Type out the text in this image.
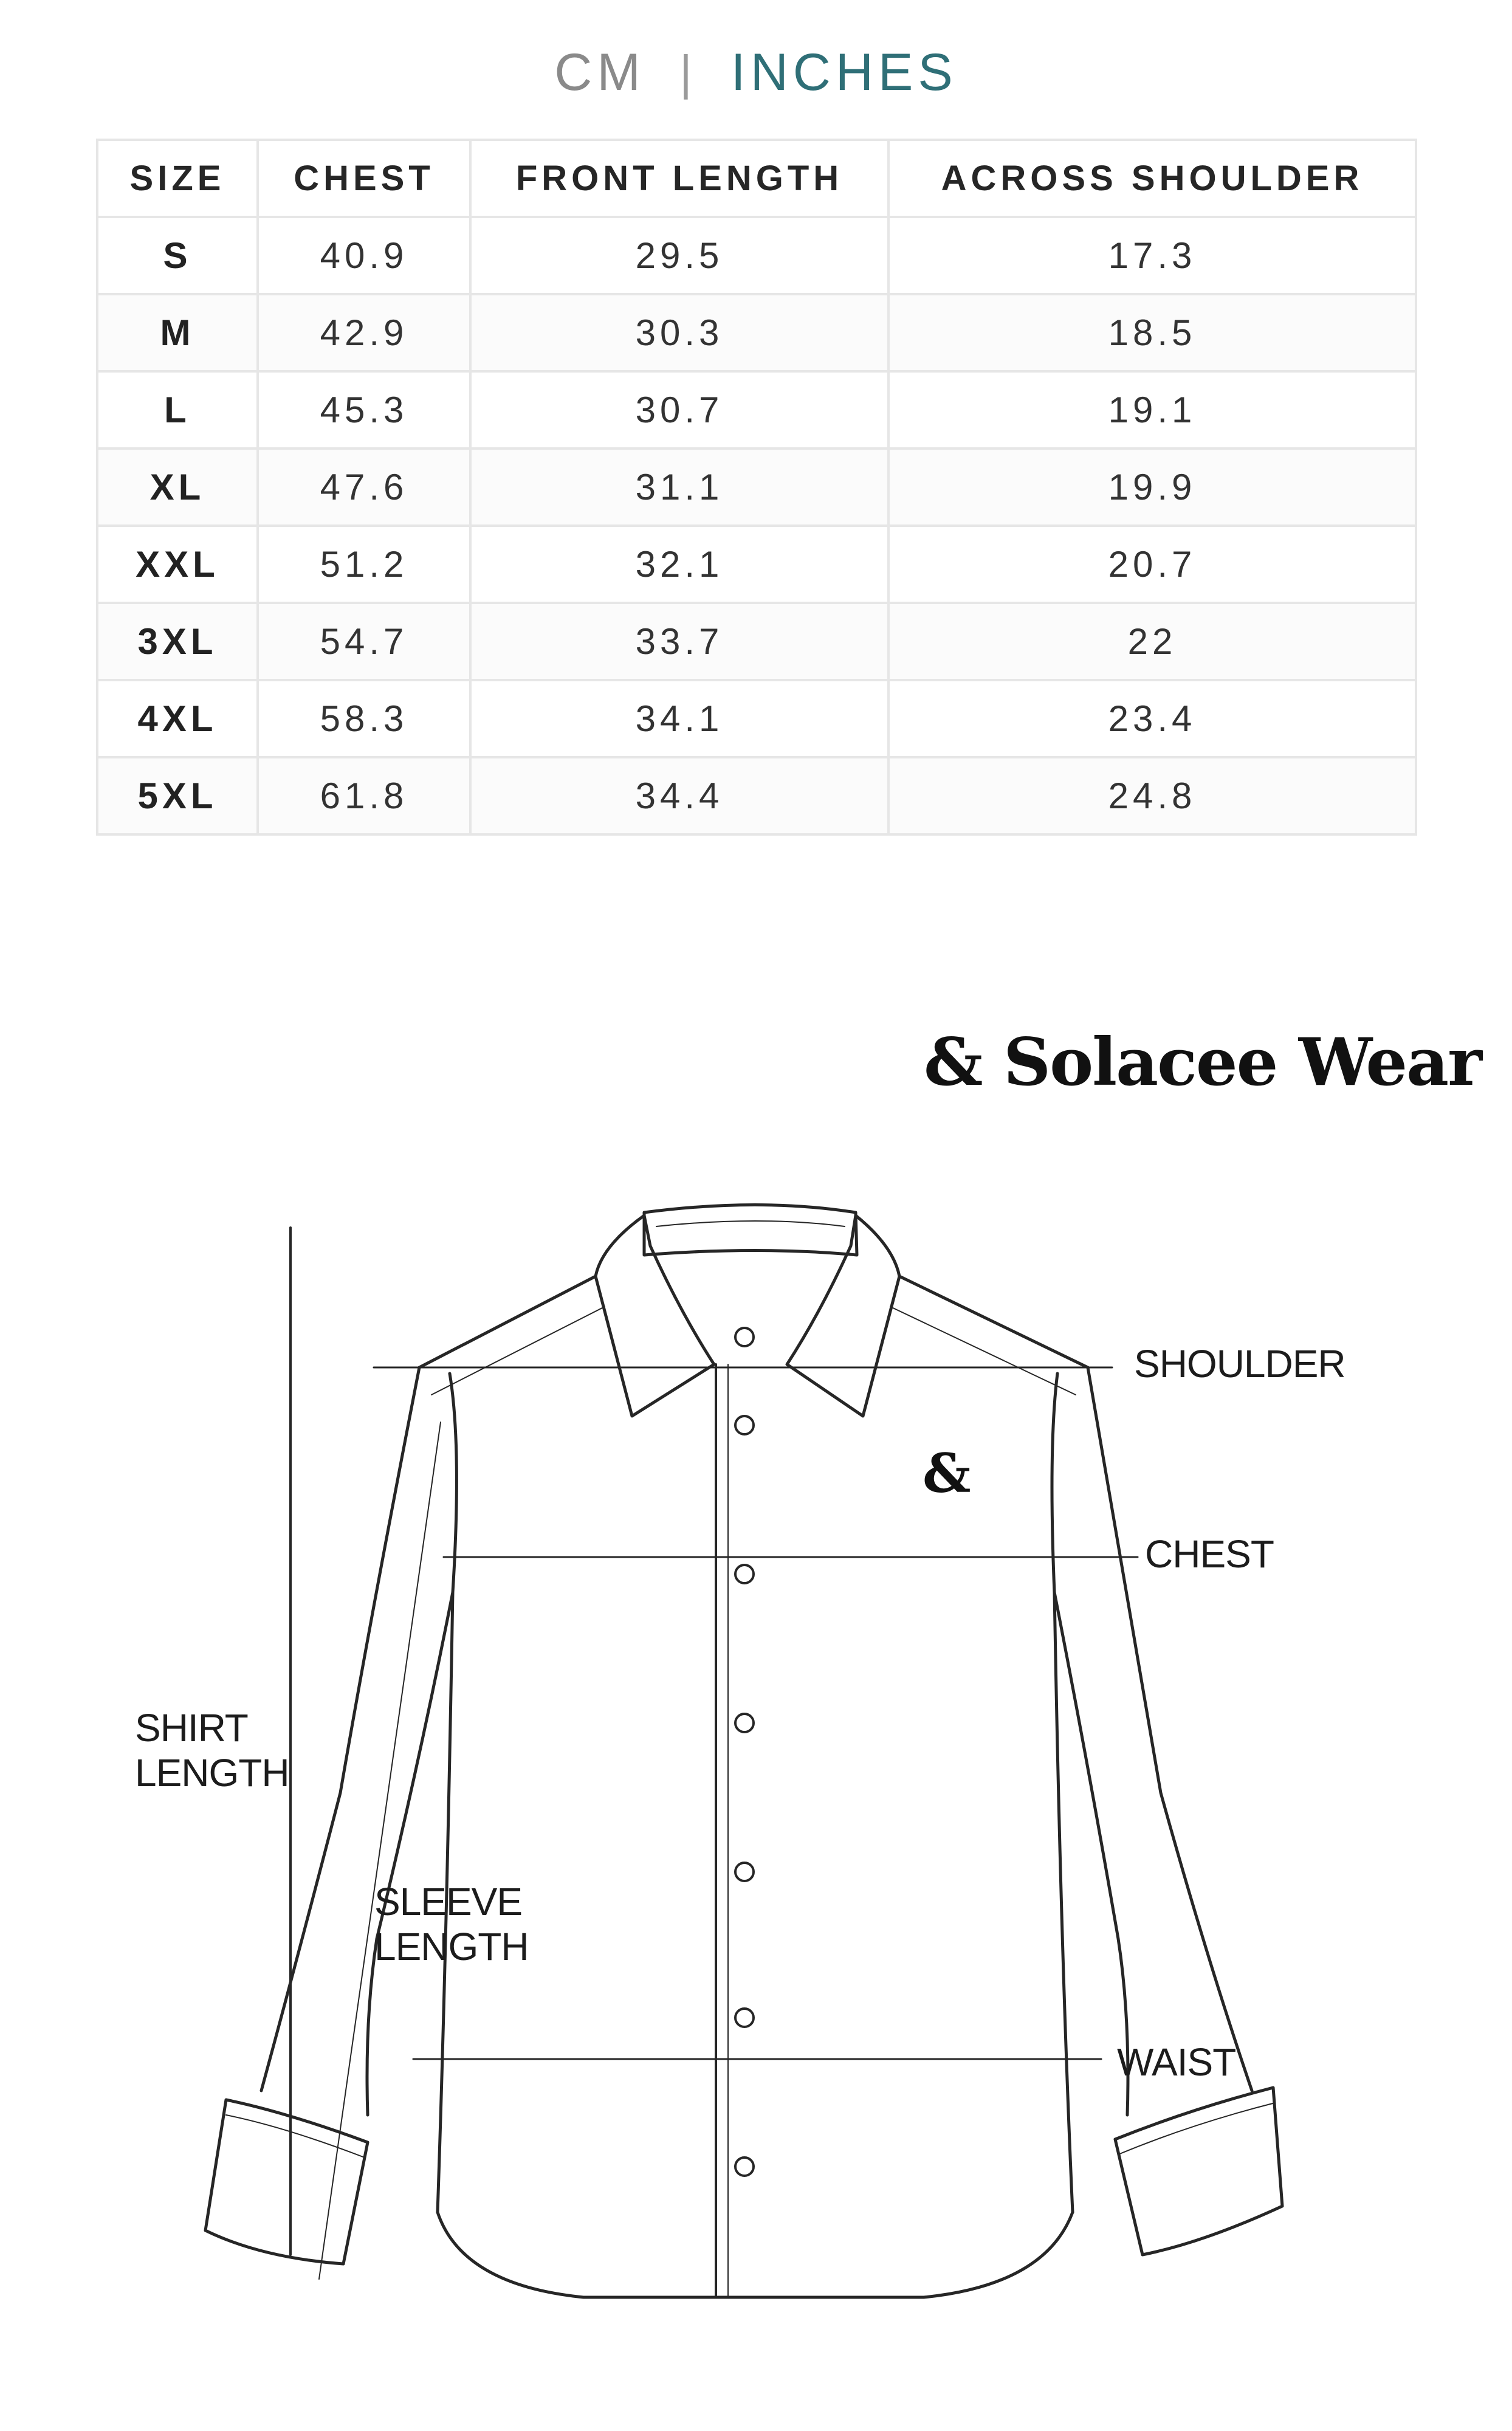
CM | INCHES
SIZE	CHEST	FRONT LENGTH	ACROSS SHOULDER
S	40.9	29.5	17.3
M	42.9	30.3	18.5
L	45.3	30.7	19.1
XL	47.6	31.1	19.9
XXL	51.2	32.1	20.7
3XL	54.7	33.7	22
4XL	58.3	34.1	23.4
5XL	61.8	34.4	24.8
& Solacee Wear
&
SHOULDER
CHEST
SHIRT
LENGTH
SLEEVE
LENGTH
WAIST
